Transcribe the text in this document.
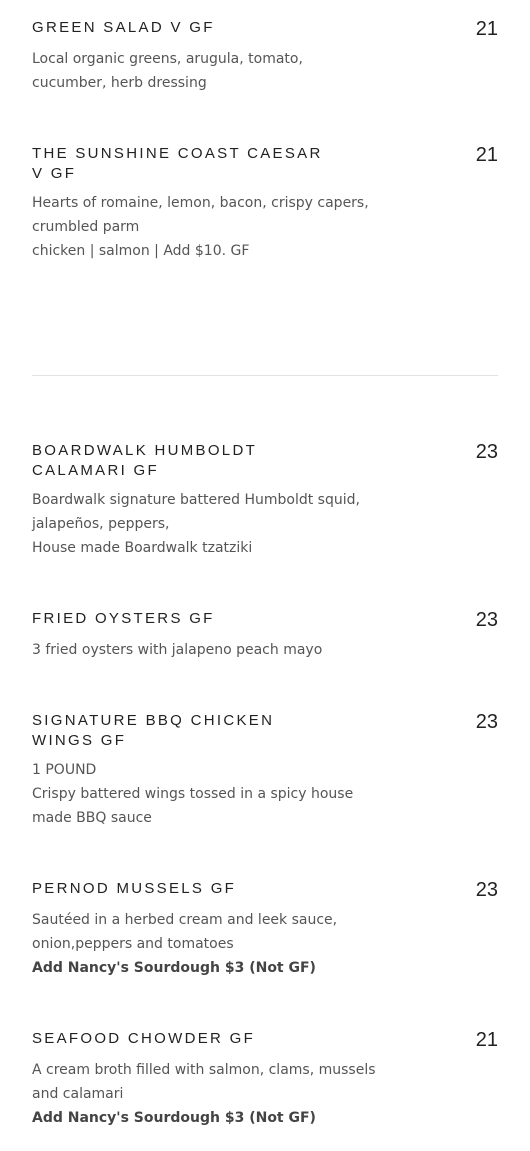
GREEN SALAD V GF	21
Local organic greens, arugula, tomato,
cucumber, herb dressing
THE SUNSHINE COAST CAESAR V GF
21
Hearts of romaine, lemon, bacon, crispy capers,
crumbled parm
chicken | salmon | Add $10. GF
BOARDWALK HUMBOLDT CALAMARI GF
23
Boardwalk signature battered Humboldt squid,
jalapeños, peppers,
House made Boardwalk tzatziki
FRIED OYSTERS GF	23
3 fried oysters with jalapeno peach mayo
SIGNATURE BBQ CHICKEN WINGS GF
23
1 POUND
Crispy battered wings tossed in a spicy house
made BBQ sauce
PERNOD MUSSELS GF	23
Sautéed in a herbed cream and leek sauce,
onion,peppers and tomatoes
Add Nancy's Sourdough $3 (Not GF)
SEAFOOD CHOWDER GF	21
A cream broth filled with salmon, clams, mussels
and calamari
Add Nancy's Sourdough $3 (Not GF)
